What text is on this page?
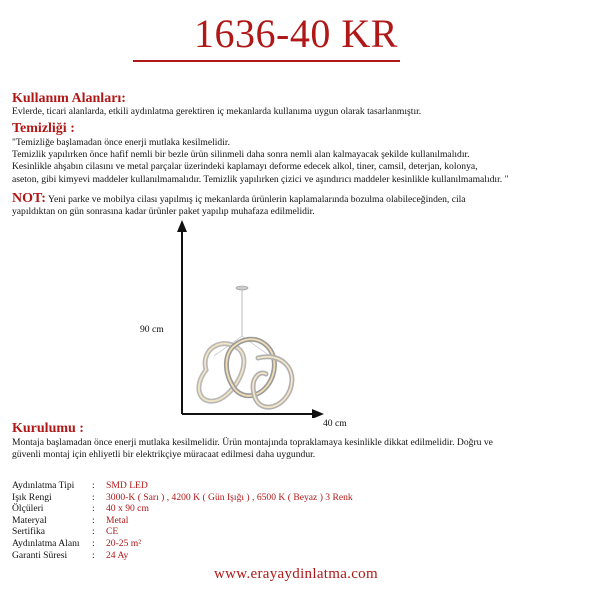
1636-40 KR
Kullanım Alanları:
Evlerde, ticari alanlarda, etkili aydınlatma gerektiren iç mekanlarda kullanıma uygun olarak tasarlanmıştır.
Temizliği :
"Temizliğe başlamadan önce enerji mutlaka kesilmelidir.
Temizlik yapılırken önce hafif nemli bir bezle ürün silinmeli daha sonra nemli alan kalmayacak şekilde kullanılmalıdır.
Kesinlikle ahşabın cilasını ve metal parçalar üzerindeki kaplamayı deforme edecek alkol, tiner, camsil, deterjan, kolonya,
aseton, gibi kimyevi maddeler kullanılmamalıdır. Temizlik yapılırken çizici ve aşındırıcı maddeler kesinlikle kullanılmamalıdır. "
NOT: Yeni parke ve mobilya cilası yapılmış iç mekanlarda ürünlerin kaplamalarında bozulma olabileceğinden, cila
yapıldıktan on gün sonrasına kadar ürünler paket yapılıp muhafaza edilmelidir.
90 cm
40 cm
Kurulumu :
Montaja başlamadan önce enerji mutlaka kesilmelidir. Ürün montajında topraklamaya kesinlikle dikkat edilmelidir. Doğru ve
güvenli montaj için ehliyetli bir elektrikçiye müracaat edilmesi daha uygundur.
Aydınlatma Tipi	:	SMD LED
Işık Rengi	:	3000-K ( Sarı ) , 4200 K ( Gün Işığı ) , 6500 K ( Beyaz ) 3 Renk
Ölçüleri	:	40 x 90 cm
Materyal	:	Metal
Sertifika	:	CE
Aydınlatma Alanı	:	20-25 m²
Garanti Süresi	:	24 Ay
www.erayaydinlatma.com
